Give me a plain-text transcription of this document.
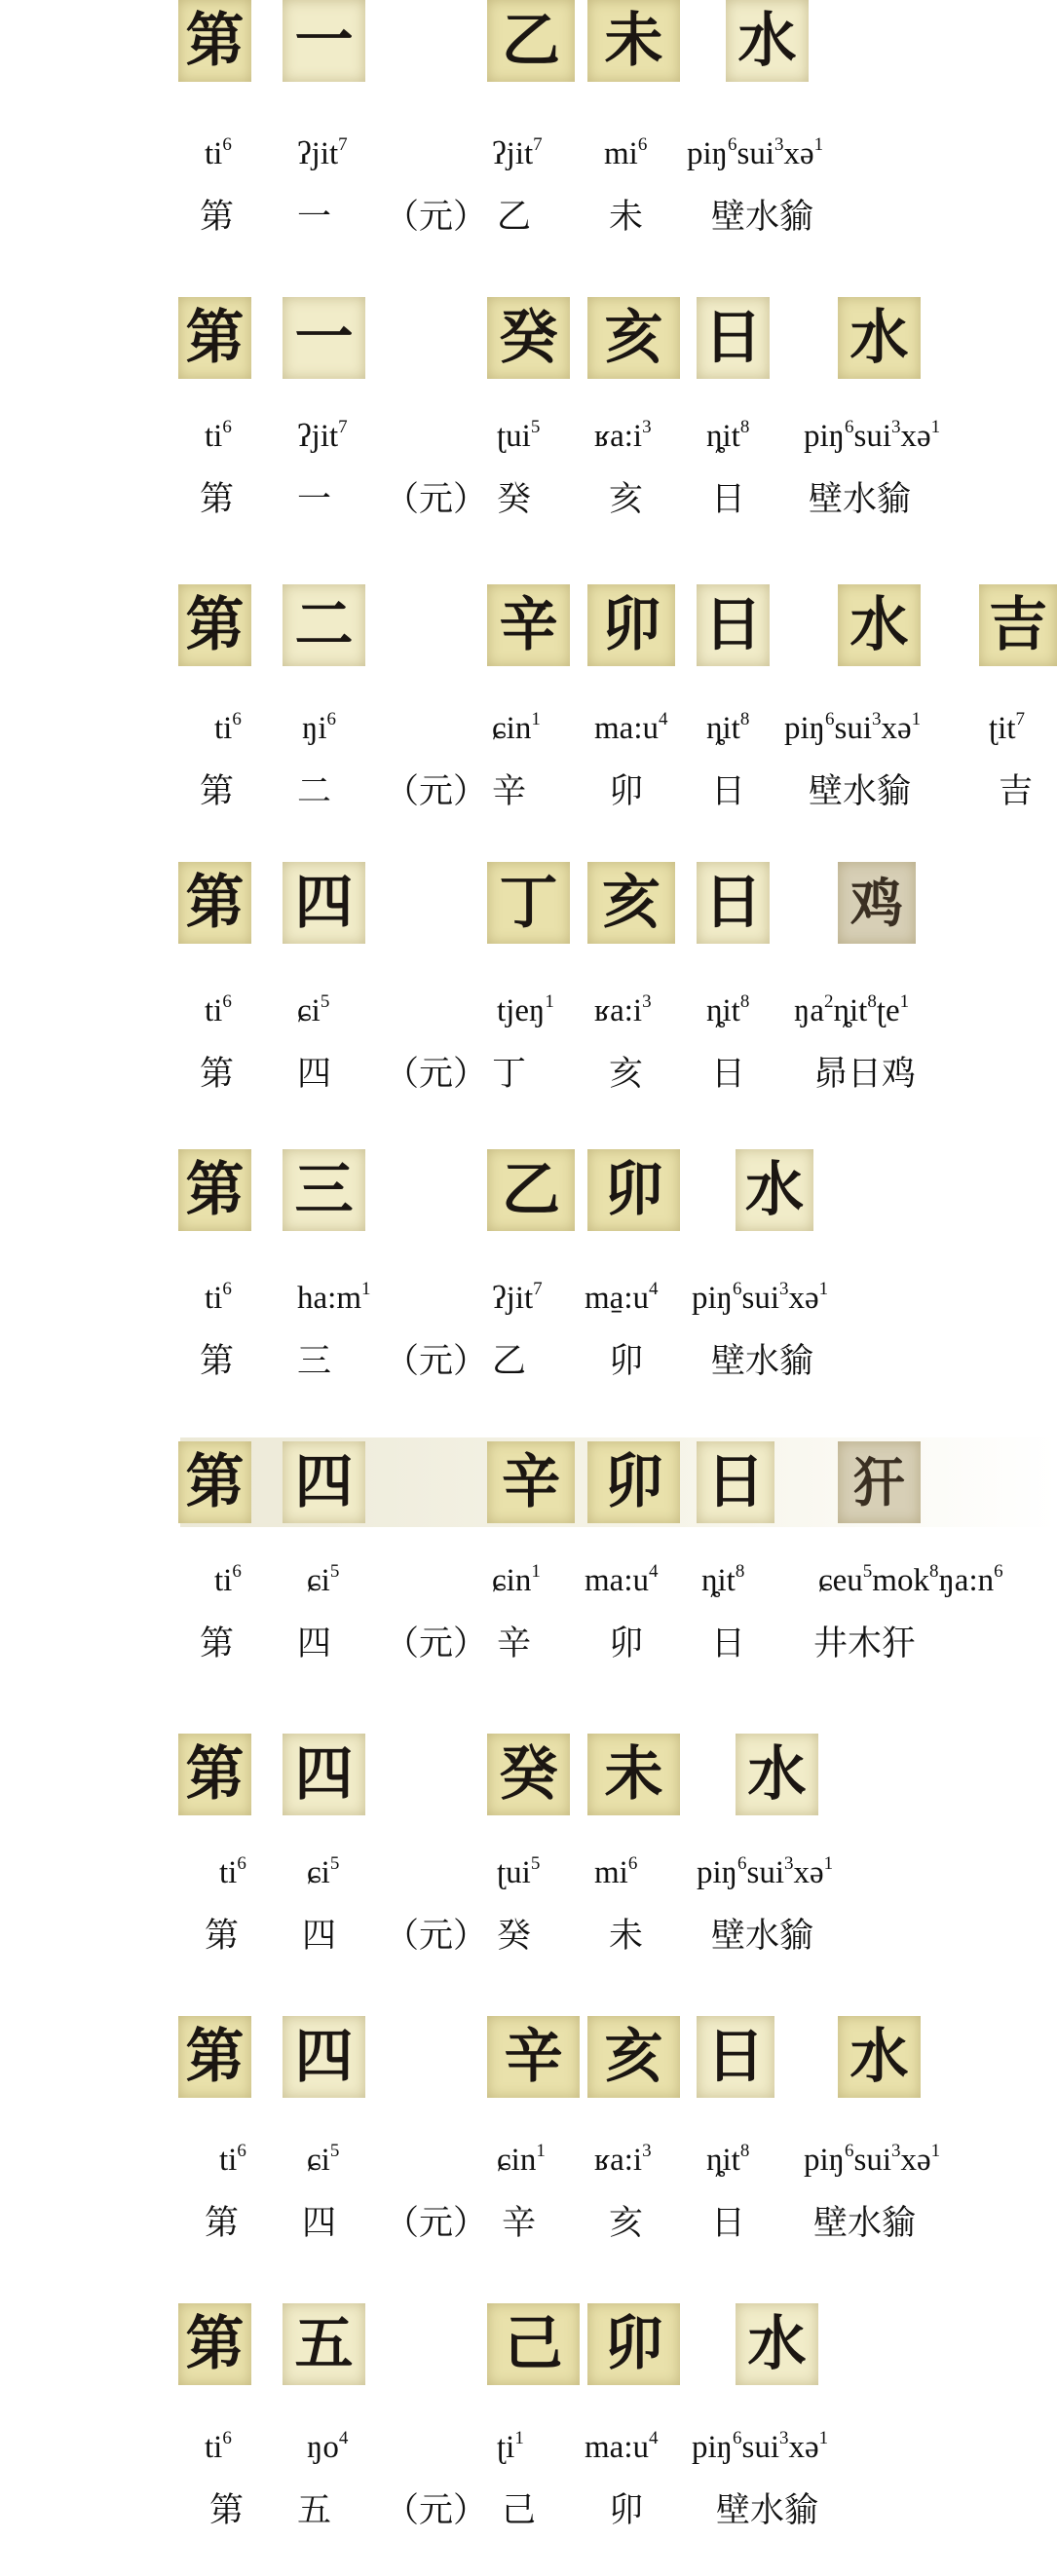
第 一	乙 未 水
$ti^6$ ʔjit$^7$	ʔjit$^7$ $mi^6$ piŋ$^6$sui$^3$xə$^1$
第 一 （元） 乙 未 壁水貐
第 一	癸 亥 日 水
$ti^6$ ʔjit$^7$	ʈui$^5$ $ʁa:i^3$ ȵit$^8$ piŋ$^6$sui$^3$xə$^1$
第 一 （元） 癸 亥 日 壁水貐
第 二	辛 卯 日 水 吉
$ti^6$ $ŋi^6$	ɕin$^1$ $ma:u^4$ ȵit$^8$ piŋ$^6$sui$^3$xə$^1$ ʈit$^7$
第 二 （元） 辛 卯 日 壁水貐	吉
第 四	丁 亥 日 鸡
$ti^6$ ɕi$^5$	tjeŋ$^1$ $ʁa:i^3$ ȵit$^8$ $ŋa^2ȵit^8ʈe^1$
第 四 （元） 丁 亥 日 昴日鸡
第 三	乙 卯 水
$ti^6$ $ha:m^1$	ʔjit$^7$ $ma̱:u^4$ piŋ$^6$sui$^3$xə$^1$
第 三 （元） 乙 卯 壁水貐
第 四	辛 卯 日 犴
$ti^6$ ɕi$^5$	ɕin$^1$ $ma:u^4$ ȵit$^8$ $ɕeu^5mok^8ŋa:n^6$
第 四 （元） 辛 卯 日 井木犴
第 四	癸 未 水
$ti^6$ ɕi$^5$	ʈui$^5$ $mi^6$ piŋ$^6$sui$^3$xə$^1$
第 四 （元） 癸 未 壁水貐
第 四	辛 亥 日 水
$ti^6$ ɕi$^5$	ɕin$^1$ $ʁa:i^3$ ȵit$^8$ piŋ$^6$sui$^3$xə$^1$
第 四 （元） 辛 亥 日 壁水貐
第 五	己 卯 水
$ti^6$ $ŋo^4$	ʈi$^1$ $ma:u^4$ piŋ$^6$sui$^3$xə$^1$
第 五 （元） 己 卯 壁水貐
